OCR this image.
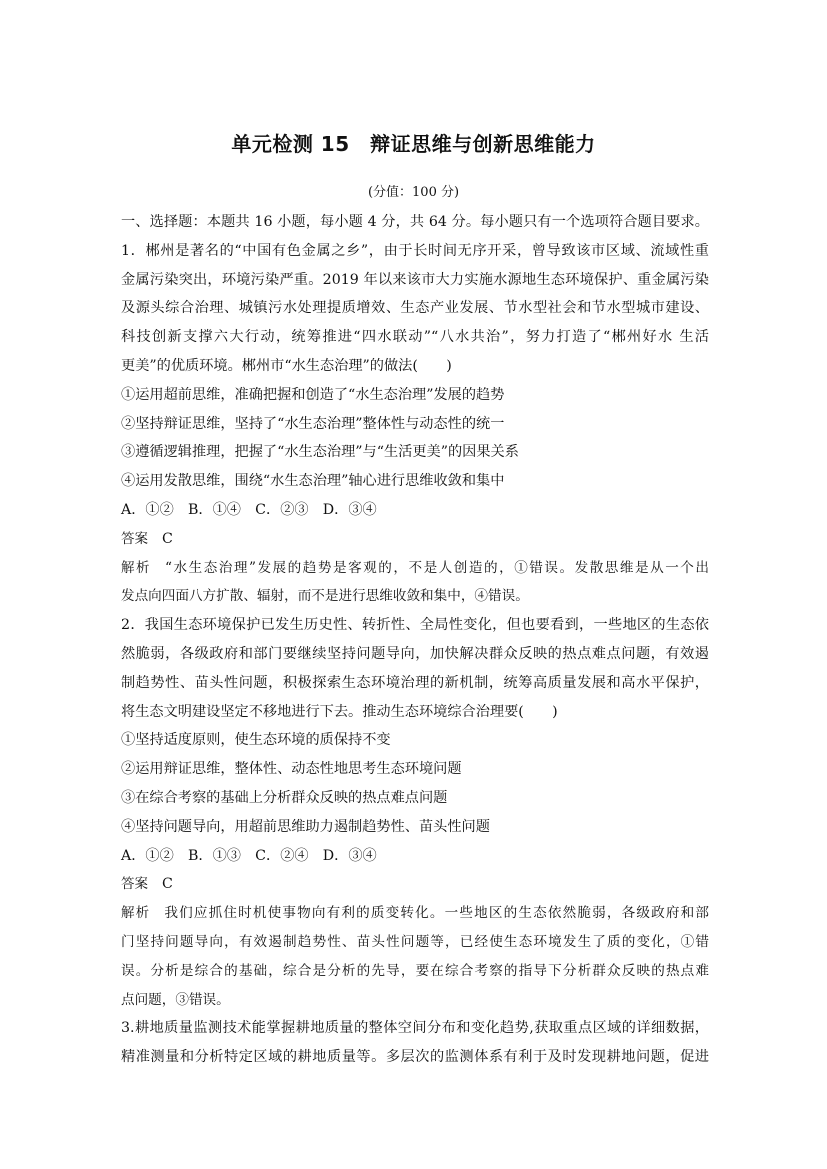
单元检测 15　辩证思维与创新思维能力
(分值：100 分)

一、选择题：本题共 16 小题，每小题 4 分，共 64 分。每小题只有一个选项符合题目要求。

1．郴州是著名的“中国有色金属之乡”，由于长时间无序开采，曾导致该市区域、流域性重

金属污染突出，环境污染严重。2019 年以来该市大力实施水源地生态环境保护、重金属污染

及源头综合治理、城镇污水处理提质增效、生态产业发展、节水型社会和节水型城市建设、

科技创新支撑六大行动，统筹推进“四水联动”“八水共治”，努力打造了“郴州好水 生活

更美”的优质环境。郴州市“水生态治理”的做法(　　)

①运用超前思维，准确把握和创造了“水生态治理”发展的趋势

②坚持辩证思维，坚持了“水生态治理”整体性与动态性的统一

③遵循逻辑推理，把握了“水生态治理”与“生活更美”的因果关系

④运用发散思维，围绕“水生态治理”轴心进行思维收敛和集中

A．①②　B．①④　C．②③　D．③④

答案 C

解析 “水生态治理”发展的趋势是客观的，不是人创造的，①错误。发散思维是从一个出

发点向四面八方扩散、辐射，而不是进行思维收敛和集中，④错误。

2．我国生态环境保护已发生历史性、转折性、全局性变化，但也要看到，一些地区的生态依

然脆弱，各级政府和部门要继续坚持问题导向，加快解决群众反映的热点难点问题，有效遏

制趋势性、苗头性问题，积极探索生态环境治理的新机制，统筹高质量发展和高水平保护，

将生态文明建设坚定不移地进行下去。推动生态环境综合治理要(　　)

①坚持适度原则，使生态环境的质保持不变

②运用辩证思维，整体性、动态性地思考生态环境问题

③在综合考察的基础上分析群众反映的热点难点问题

④坚持问题导向，用超前思维助力遏制趋势性、苗头性问题

A．①②　B．①③　C．②④　D．③④

答案 C

解析 我们应抓住时机使事物向有利的质变转化。一些地区的生态依然脆弱，各级政府和部

门坚持问题导向，有效遏制趋势性、苗头性问题等，已经使生态环境发生了质的变化，①错

误。分析是综合的基础，综合是分析的先导，要在综合考察的指导下分析群众反映的热点难

点问题，③错误。

3.耕地质量监测技术能掌握耕地质量的整体空间分布和变化趋势,获取重点区域的详细数据，

精准测量和分析特定区域的耕地质量等。多层次的监测体系有利于及时发现耕地问题，促进
